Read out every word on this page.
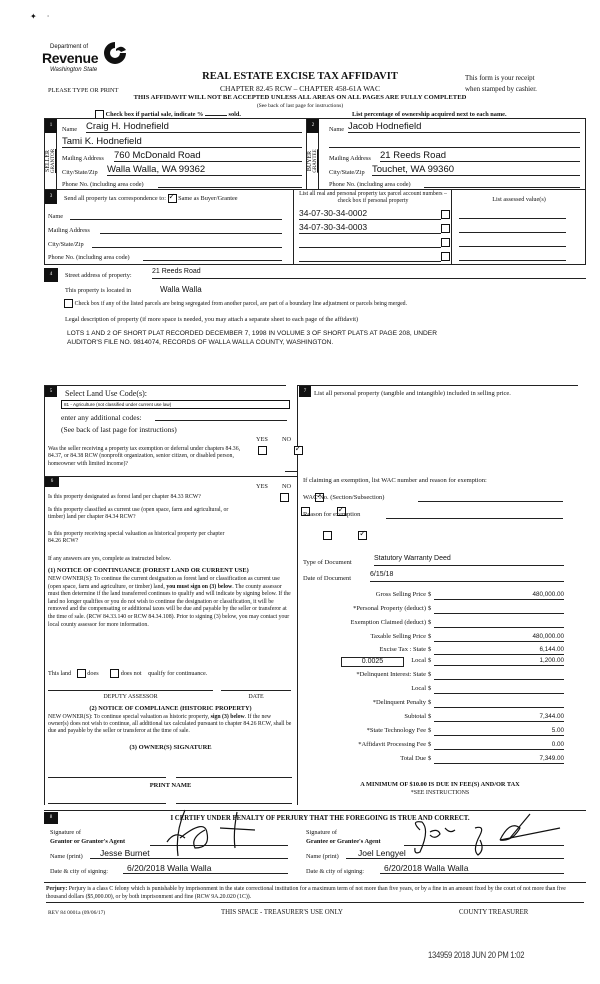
✦     ·
Department of
Revenue
Washington State
PLEASE TYPE OR PRINT
REAL ESTATE EXCISE TAX AFFIDAVIT
CHAPTER 82.45 RCW – CHAPTER 458-61A WAC
This form is your receipt
when stamped by cashier.
THIS AFFIDAVIT WILL NOT BE ACCEPTED UNLESS ALL AREAS ON ALL PAGES ARE FULLY COMPLETED
(See back of last page for instructions)
Check box if partial sale, indicate %	sold.	List percentage of ownership acquired next to each name.
1
SELLER GRANTOR
Name Craig H. Hodnefield
Tami K. Hodnefield
Mailing Address 760 McDonald Road
City/State/Zip Walla Walla, WA 99362
Phone No. (including area code)
2
BUYER GRANTEE
Name Jacob Hodnefield
Mailing Address 21 Reeds Road
City/State/Zip Touchet, WA 99360
Phone No. (including area code)
3	Send all property tax correspondence to: ✓ Same as Buyer/Grantee
Name
Mailing Address
City/State/Zip
Phone No. (including area code)
List all real and personal property tax parcel account numbers – check box if personal property	List assessed value(s)
34-07-30-34-0002
34-07-30-34-0003
4	Street address of property:
21 Reeds Road
This property is located in	Walla Walla
Check box if any of the listed parcels are being segregated from another parcel, are part of a boundary line adjustment or parcels being merged.
Legal description of property (if more space is needed, you may attach a separate sheet to each page of the affidavit)
LOTS 1 AND 2 OF SHORT PLAT RECORDED DECEMBER 7, 1998 IN VOLUME 3 OF SHORT PLATS AT PAGE 208, UNDER
AUDITOR'S FILE NO. 9814074, RECORDS OF WALLA WALLA COUNTY, WASHINGTON.
5	Select Land Use Code(s):
81 - Agriculture (not classified under current use law)
enter any additional codes:
(See back of last page for instructions)
YES NO
Was the seller receiving a property tax exemption or deferral under chapters 84.36, 84.37, or 84.38 RCW (nonprofit organization, senior citizen, or disabled person, homeowner with limited income)?
✓
6
YES NO
Is this property designated as forest land per chapter 84.33 RCW?
✓
Is this property classified as current use (open space, farm and agricultural, or timber) land per chapter 84.34 RCW?
✓
Is this property receiving special valuation as historical property per chapter 84.26 RCW?
✓
If any answers are yes, complete as instructed below.
(1) NOTICE OF CONTINUANCE (FOREST LAND OR CURRENT USE)
NEW OWNER(S): To continue the current designation as forest land or classification as current use (open space, farm and agriculture, or timber) land, you must sign on (3) below. The county assessor must then determine if the land transferred continues to qualify and will indicate by signing below. If the land no longer qualifies or you do not wish to continue the designation or classification, it will be removed and the compensating or additional taxes will be due and payable by the seller or transferor at the time of sale. (RCW 84.33.140 or RCW 84.34.108). Prior to signing (3) below, you may contact your local county assessor for more information.
This land	does	does not qualify for continuance.
DEPUTY ASSESSOR	DATE
(2) NOTICE OF COMPLIANCE (HISTORIC PROPERTY)
NEW OWNER(S): To continue special valuation as historic property, sign (3) below. If the new owner(s) does not wish to continue, all additional tax calculated pursuant to chapter 84.26 RCW, shall be due and payable by the seller or transferor at the time of sale.
(3) OWNER(S) SIGNATURE
PRINT NAME
7	List all personal property (tangible and intangible) included in selling price.
If claiming an exemption, list WAC number and reason for exemption:
WAC No. (Section/Subsection)
Reason for exemption
Type of Document
Statutory Warranty Deed
Date of Document
6/15/18
Gross Selling Price $	480,000.00
*Personal Property (deduct) $
Exemption Claimed (deduct) $
Taxable Selling Price $	480,000.00
Excise Tax : State $	6,144.00
0.0025	Local $	1,200.00
*Delinquent Interest: State $
Local $
*Delinquent Penalty $
Subtotal $	7,344.00
*State Technology Fee $	5.00
*Affidavit Processing Fee $	0.00
Total Due $	7,349.00
A MINIMUM OF $10.00 IS DUE IN FEE(S) AND/OR TAX
*SEE INSTRUCTIONS
8	I CERTIFY UNDER PENALTY OF PERJURY THAT THE FOREGOING IS TRUE AND CORRECT.
Signature of
Grantor or Grantor's Agent
Name (print)	Jesse Burnet
Date & city of signing:	6/20/2018 Walla Walla
Signature of
Grantee or Grantee's Agent
Name (print)	Joel Lengyel
Date & city of signing:	6/20/2018 Walla Walla
Perjury: Perjury is a class C felony which is punishable by imprisonment in the state correctional institution for a maximum term of not more than five years, or by a fine in an amount fixed by the court of not more than five thousand dollars ($5,000.00), or by both imprisonment and fine (RCW 9A.20.020 (1C)).
REV 84 0001a (09/06/17)	THIS SPACE - TREASURER'S USE ONLY	COUNTY TREASURER
134959 2018 JUN 20 PM 1:02
